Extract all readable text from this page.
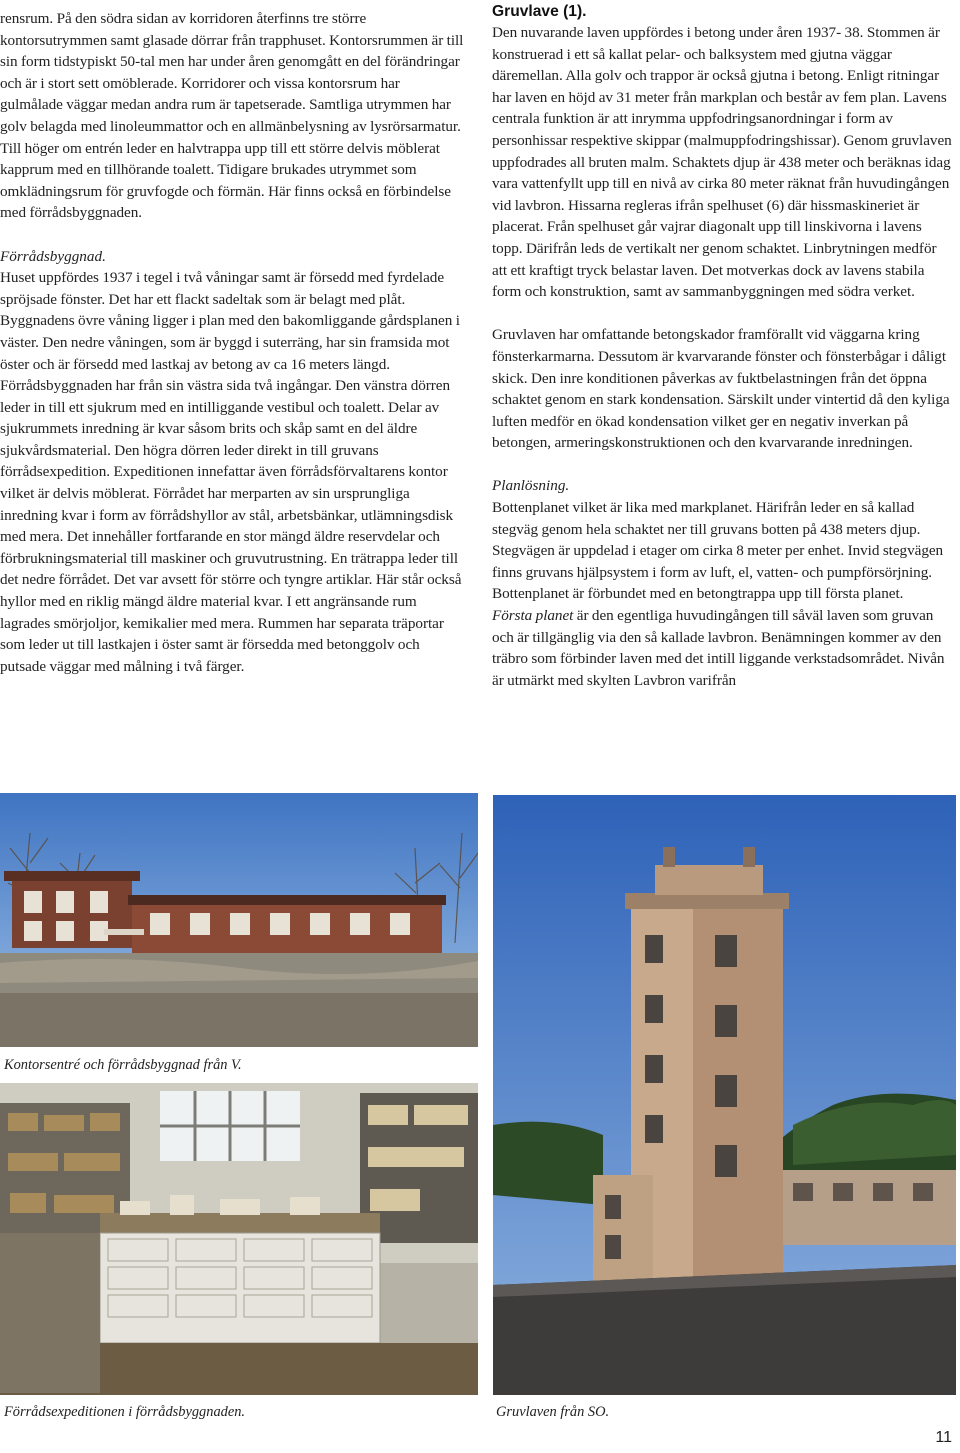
rensrum. På den södra sidan av korridoren återfinns tre större kontorsutrymmen samt glasade dörrar från trapphuset. Kontorsrummen är till sin form tidstypiskt 50-tal men har under åren genomgått en del förändringar och är i stort sett omöblerade. Korridorer och vissa kontorsrum har gulmålade väggar medan andra rum är tapetserade. Samtliga utrymmen har golv belagda med linoleummattor och en allmänbelysning av lysrörsarmatur. Till höger om entrén leder en halvtrappa upp till ett större delvis möblerat kapprum med en tillhörande toalett. Tidigare brukades utrymmet som omklädningsrum för gruvfogde och förmän. Här finns också en förbindelse med förrådsbyggnaden.

Förrådsbyggnad.

Huset uppfördes 1937 i tegel i två våningar samt är försedd med fyrdelade spröjsade fönster. Det har ett flackt sadeltak som är belagt med plåt. Byggnadens övre våning ligger i plan med den bakomliggande gårdsplanen i väster. Den nedre våningen, som är byggd i suterräng, har sin framsida mot öster och är försedd med lastkaj av betong av ca 16 meters längd. Förrådsbyggnaden har från sin västra sida två ingångar. Den vänstra dörren leder in till ett sjukrum med en intilliggande vestibul och toalett. Delar av sjukrummets inredning är kvar såsom brits och skåp samt en del äldre sjukvårdsmaterial. Den högra dörren leder direkt in till gruvans förrådsexpedition. Expeditionen innefattar även förrådsförvaltarens kontor vilket är delvis möblerat. Förrådet har merparten av sin ursprungliga inredning kvar i form av förrådshyllor av stål, arbetsbänkar, utlämningsdisk med mera. Det innehåller fortfarande en stor mängd äldre reservdelar och förbrukningsmaterial till maskiner och gruvutrustning. En trätrappa leder till det nedre förrådet. Det var avsett för större och tyngre artiklar. Här står också hyllor med en riklig mängd äldre material kvar. I ett angränsande rum lagrades smörjoljor, kemikalier med mera. Rummen har separata träportar som leder ut till lastkajen i öster samt är försedda med betonggolv och putsade väggar med målning i två färger.

Gruvlave (1).

Den nuvarande laven uppfördes i betong under åren 1937- 38. Stommen är konstruerad i ett så kallat pelar- och balksystem med gjutna väggar däremellan. Alla golv och trappor är också gjutna i betong. Enligt ritningar har laven en höjd av 31 meter från markplan och består av fem plan. Lavens centrala funktion är att inrymma uppfodringsanordningar i form av personhissar respektive skippar (malmuppfodringshissar). Genom gruvlaven uppfodrades all bruten malm. Schaktets djup är 438 meter och beräknas idag vara vattenfyllt upp till en nivå av cirka 80 meter räknat från huvudingången vid lavbron. Hissarna regleras ifrån spelhuset (6) där hissmaskineriet är placerat. Från spelhuset går vajrar diagonalt upp till linskivorna i lavens topp. Därifrån leds de vertikalt ner genom schaktet. Linbrytningen medför att ett kraftigt tryck belastar laven. Det motverkas dock av lavens stabila form och konstruktion, samt av sammanbyggningen med södra verket.

Gruvlaven har omfattande betongskador framförallt vid väggarna kring fönsterkarmarna. Dessutom är kvarvarande fönster och fönsterbågar i dåligt skick. Den inre konditionen påverkas av fuktbelastningen från det öppna schaktet genom en stark kondensation. Särskilt under vintertid då den kyliga luften medför en ökad kondensation vilket ger en negativ inverkan på betongen, armeringskonstruktionen och den kvarvarande inredningen.

Planlösning.

Bottenplanet vilket är lika med markplanet. Härifrån leder en så kallad stegväg genom hela schaktet ner till gruvans botten på 438 meters djup. Stegvägen är uppdelad i etager om cirka 8 meter per enhet. Invid stegvägen finns gruvans hjälpsystem i form av luft, el, vatten- och pumpförsörjning. Bottenplanet är förbundet med en betongtrappa upp till första planet.

Första planet är den egentliga huvudingången till såväl laven som gruvan och är tillgänglig via den så kallade lavbron. Benämningen kommer av den träbro som förbinder laven med det intill liggande verkstadsområdet. Nivån är utmärkt med skylten Lavbron varifrån

Kontorsentré och förrådsbyggnad från V.
Förrådsexpeditionen i förrådsbyggnaden.	Gruvlaven från SO.
11
